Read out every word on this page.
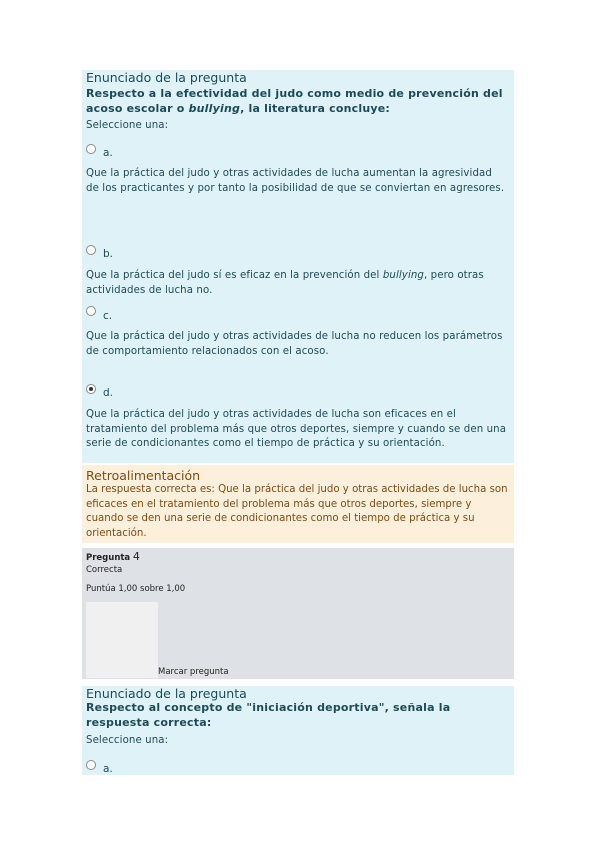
Enunciado de la pregunta
Respecto a la efectividad del judo como medio de prevención del acoso escolar o bullying, la literatura concluye:
Seleccione una:
a.
Que la práctica del judo y otras actividades de lucha aumentan la agresividad de los practicantes y por tanto la posibilidad de que se conviertan en agresores.
b.
Que la práctica del judo sí es eficaz en la prevención del bullying, pero otras actividades de lucha no.
c.
Que la práctica del judo y otras actividades de lucha no reducen los parámetros de comportamiento relacionados con el acoso.
d.
Que la práctica del judo y otras actividades de lucha son eficaces en el tratamiento del problema más que otros deportes, siempre y cuando se den una serie de condicionantes como el tiempo de práctica y su orientación.
Retroalimentación
La respuesta correcta es: Que la práctica del judo y otras actividades de lucha son eficaces en el tratamiento del problema más que otros deportes, siempre y cuando se den una serie de condicionantes como el tiempo de práctica y su orientación.
Pregunta 4
Correcta
Puntúa 1,00 sobre 1,00
Marcar pregunta
Enunciado de la pregunta
Respecto al concepto de "iniciación deportiva", señala la respuesta correcta:
Seleccione una:
a.
